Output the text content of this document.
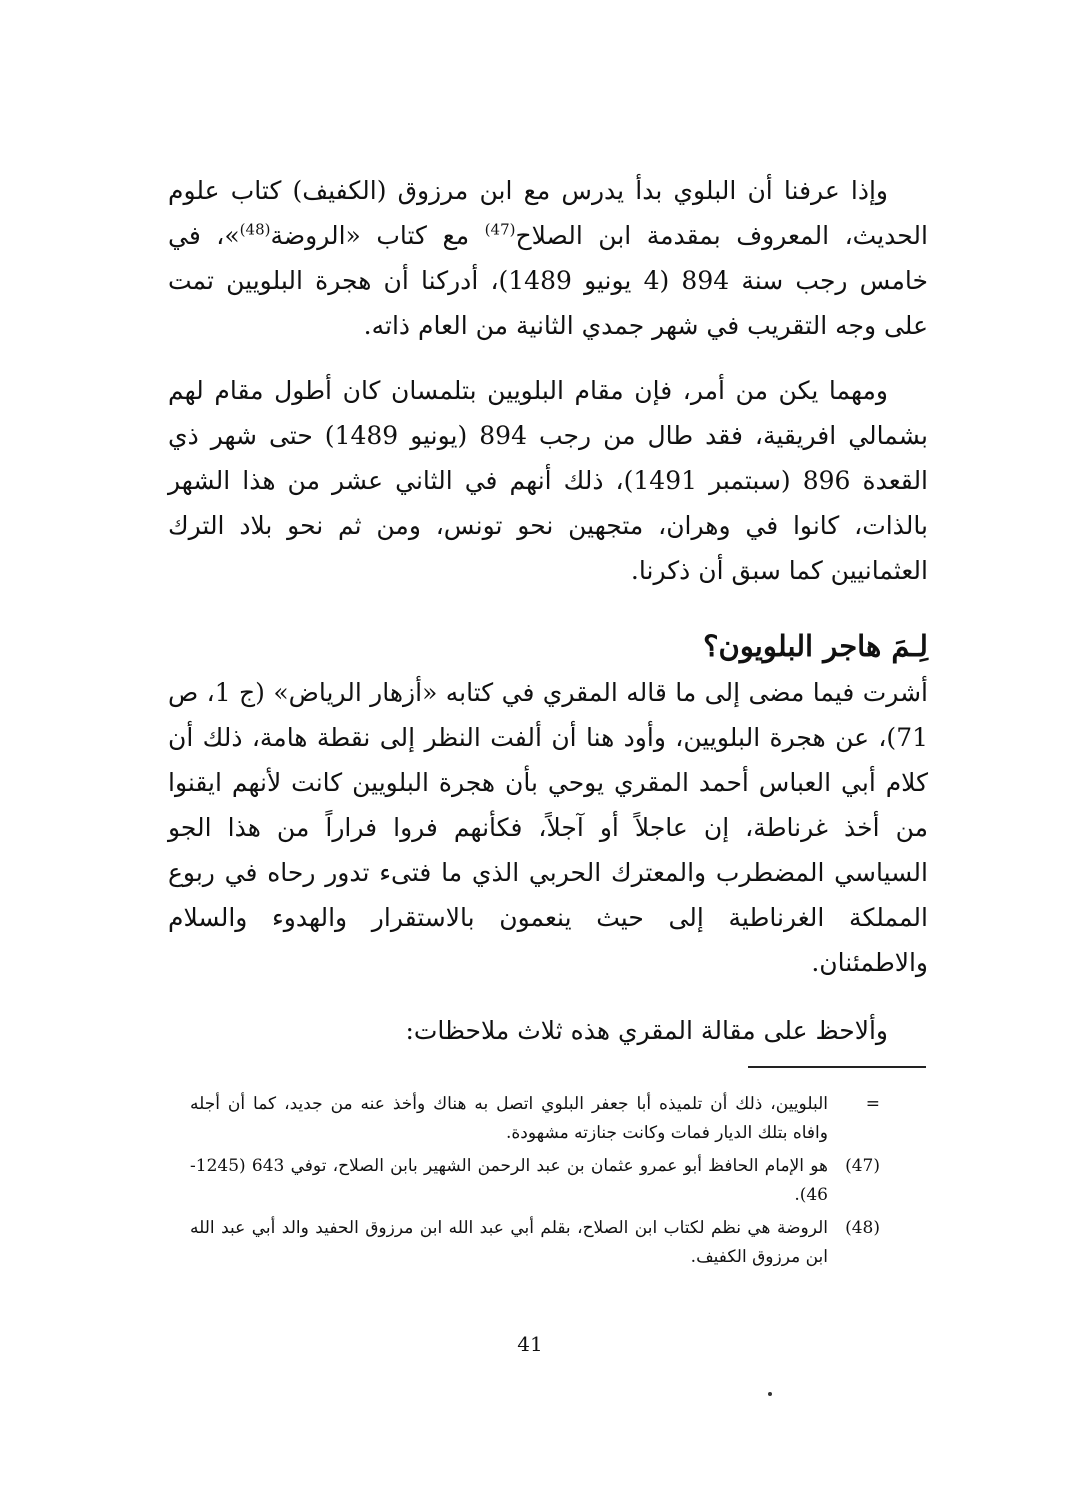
وإذا عرفنا أن البلوي بدأ يدرس مع ابن مرزوق (الكفيف) كتاب علوم الحديث، المعروف بمقدمة ابن الصلاح$^{(47)}$ مع كتاب «الروضة$^{(48)}$»، في خامس رجب سنة 894 (4 يونيو 1489)، أدركنا أن هجرة البلويين تمت على وجه التقريب في شهر جمدي الثانية من العام ذاته.
ومهما يكن من أمر، فإن مقام البلويين بتلمسان كان أطول مقام لهم بشمالي افريقية، فقد طال من رجب 894 (يونيو 1489) حتى شهر ذي القعدة 896 (سبتمبر 1491)، ذلك أنهم في الثاني عشر من هذا الشهر بالذات، كانوا في وهران، متجهين نحو تونس، ومن ثم نحو بلاد الترك العثمانيين كما سبق أن ذكرنا.
لِـمَ هاجر البلويون؟
أشرت فيما مضى إلى ما قاله المقري في كتابه «أزهار الرياض» (ج 1، ص 71)، عن هجرة البلويين، وأود هنا أن ألفت النظر إلى نقطة هامة، ذلك أن كلام أبي العباس أحمد المقري يوحي بأن هجرة البلويين كانت لأنهم ايقنوا من أخذ غرناطة، إن عاجلاً أو آجلاً، فكأنهم فروا فراراً من هذا الجو السياسي المضطرب والمعترك الحربي الذي ما فتىء تدور رحاه في ربوع المملكة الغرناطية إلى حيث ينعمون بالاستقرار والهدوء والسلام والاطمئنان.
وألاحظ على مقالة المقري هذه ثلاث ملاحظات:
=
البلويين، ذلك أن تلميذه أبا جعفر البلوي اتصل به هناك وأخذ عنه من جديد، كما أن أجله وافاه بتلك الديار فمات وكانت جنازته مشهودة.
(47)
هو الإمام الحافظ أبو عمرو عثمان بن عبد الرحمن الشهير بابن الصلاح، توفي 643 (1245-46).
(48)
الروضة هي نظم لكتاب ابن الصلاح، بقلم أبي عبد الله ابن مرزوق الحفيد والد أبي عبد الله ابن مرزوق الكفيف.
41
